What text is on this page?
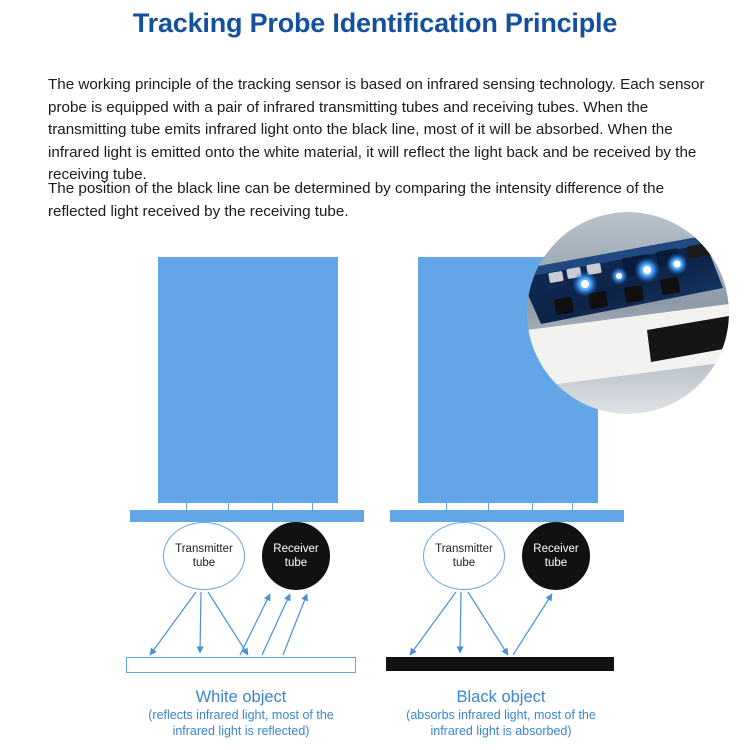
Tracking Probe Identification Principle
The working principle of the tracking sensor is based on infrared sensing technology. Each sensor probe is equipped with a pair of infrared transmitting tubes and receiving tubes. When the transmitting tube emits infrared light onto the black line, most of it will be absorbed. When the infrared light is emitted onto the white material, it will reflect the light back and be received by the receiving tube.
The position of the black line can be determined by comparing the intensity difference of the reflected light received by the receiving tube.
Transmitter
tube
Receiver
tube
White object
(reflects infrared light, most of the
infrared light is reflected)
Transmitter
tube
Receiver
tube
Black object
(absorbs infrared light, most of the
infrared light is absorbed)
